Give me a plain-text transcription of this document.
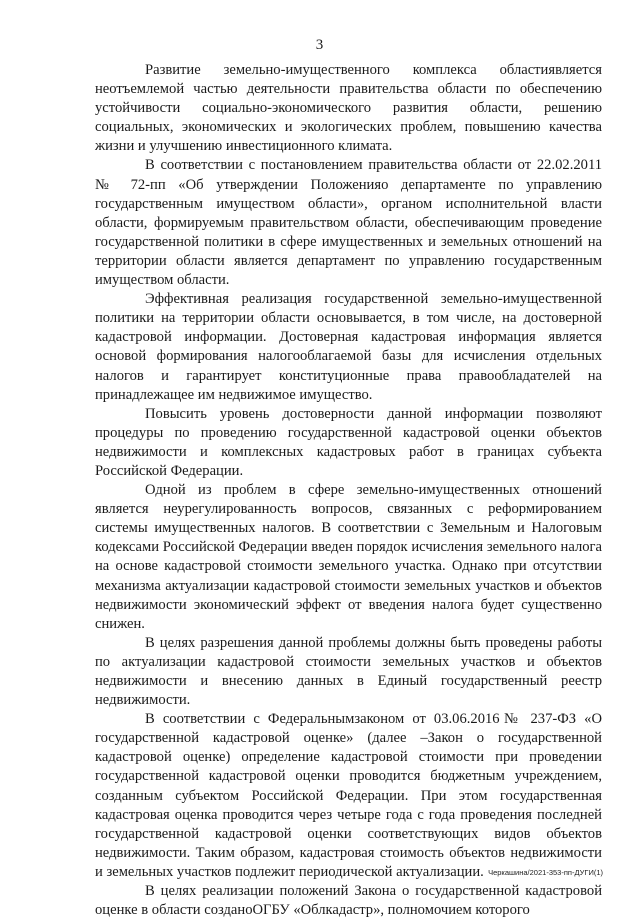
3

Развитие земельно-имущественного комплекса областиявляется неотъемлемой частью деятельности правительства области по обеспечению устойчивости социально-экономического развития области, решению социальных, экономических и экологических проблем, повышению качества жизни и улучшению инвестиционного климата.

В соответствии с постановлением правительства области от 22.02.2011 № 72-пп «Об утверждении Положенияо департаменте по управлению государственным имуществом области», органом исполнительной власти области, формируемым правительством области, обеспечивающим проведение государственной политики в сфере имущественных и земельных отношений на территории области является департамент по управлению государственным имуществом области.

Эффективная реализация государственной земельно-имущественной политики на территории области основывается, в том числе, на достоверной кадастровой информации. Достоверная кадастровая информация является основой формирования налогооблагаемой базы для исчисления отдельных налогов и гарантирует конституционные права правообладателей на принадлежащее им недвижимое имущество.

Повысить уровень достоверности данной информации позволяют процедуры по проведению государственной кадастровой оценки объектов недвижимости и комплексных кадастровых работ в границах субъекта Российской Федерации.

Одной из проблем в сфере земельно-имущественных отношений является неурегулированность вопросов, связанных с реформированием системы имущественных налогов. В соответствии с Земельным и Налоговым кодексами Российской Федерации введен порядок исчисления земельного налога на основе кадастровой стоимости земельного участка. Однако при отсутствии механизма актуализации кадастровой стоимости земельных участков и объектов недвижимости экономический эффект от введения налога будет существенно снижен.

В целях разрешения данной проблемы должны быть проведены работы по актуализации кадастровой стоимости земельных участков и объектов недвижимости и внесению данных в Единый государственный реестр недвижимости.

В соответствии с Федеральнымзаконом от 03.06.2016№ 237-ФЗ «О государственной кадастровой оценке» (далее –Закон о государственной кадастровой оценке) определение кадастровой стоимости при проведении государственной кадастровой оценки проводится бюджетным учреждением, созданным субъектом Российской Федерации. При этом государственная кадастровая оценка проводится через четыре года с года проведения последней государственной кадастровой оценки соответствующих видов объектов недвижимости. Таким образом, кадастровая стоимость объектов недвижимости и земельных участков подлежит периодической актуализации.

В целях реализации положений Закона о государственной кадастровой оценке в области созданоОГБУ «Облкадастр», полномочием которого

Черкашина/2021-353-пп-ДУГИ(1)
